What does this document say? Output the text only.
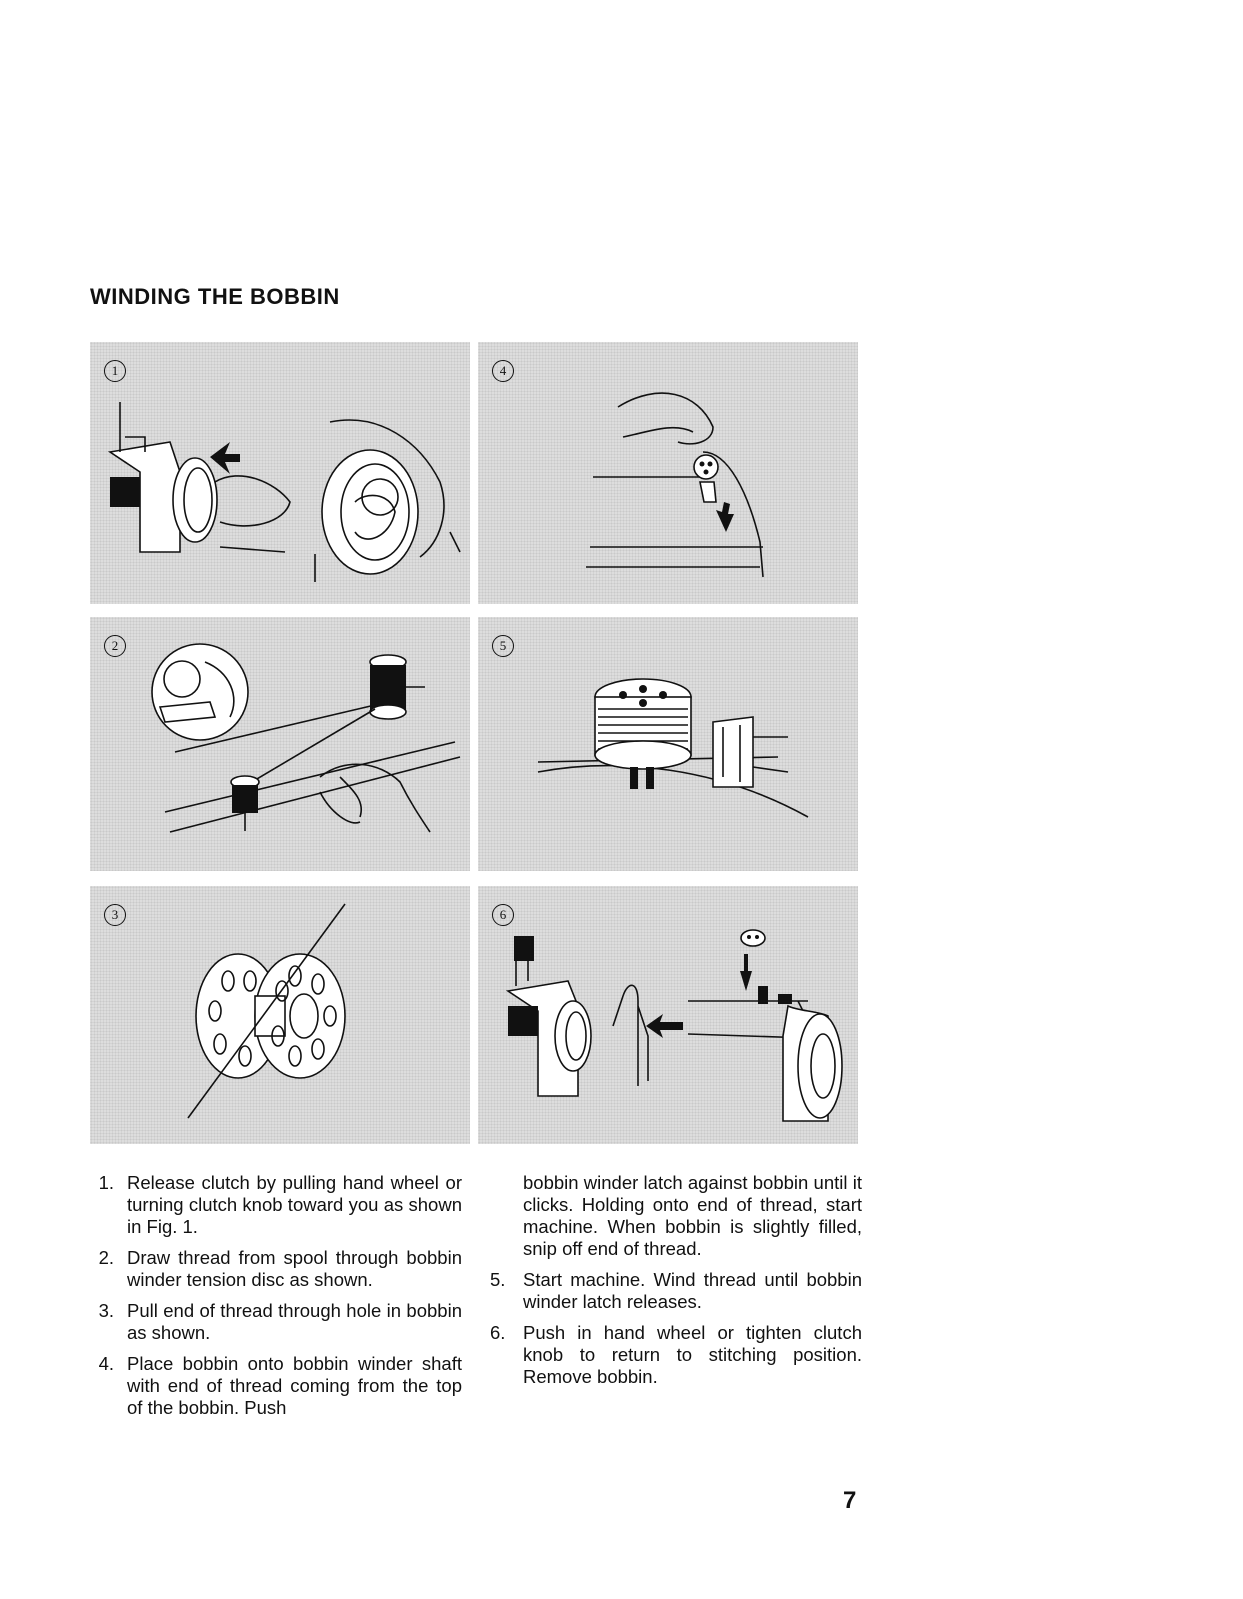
WINDING THE BOBBIN
1	4
2	5
3	6
1. Release clutch by pulling hand wheel or turning clutch knob toward you as shown in Fig. 1.
2. Draw thread from spool through bobbin winder tension disc as shown.
3. Pull end of thread through hole in bobbin as shown.
4. Place bobbin onto bobbin winder shaft with end of thread coming from the top of the bobbin. Push
bobbin winder latch against bobbin until it clicks. Holding onto end of thread, start machine. When bobbin is slightly filled, snip off end of thread.
5. Start machine. Wind thread until bobbin winder latch releases.
6. Push in hand wheel or tighten clutch knob to return to stitching position. Remove bobbin.
7
